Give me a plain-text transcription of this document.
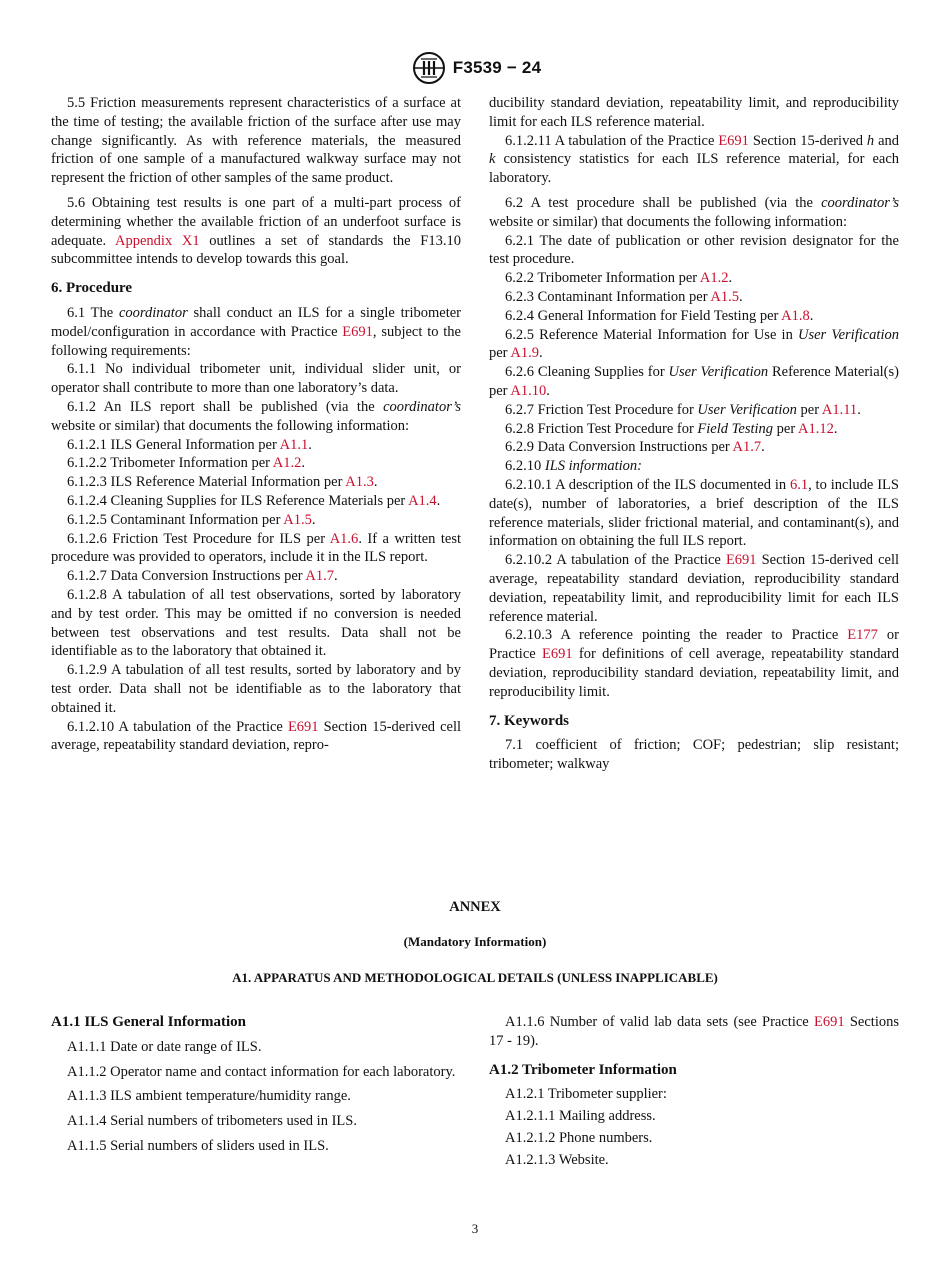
F3539 − 24

5.5 Friction measurements represent characteristics of a surface at the time of testing; the available friction of the surface after use may change significantly. As with reference materials, the measured friction of one sample of a manufactured walkway surface may not represent the friction of other samples of the same product.

5.6 Obtaining test results is one part of a multi-part process of determining whether the available friction of an underfoot surface is adequate. Appendix X1 outlines a set of standards the F13.10 subcommittee intends to develop towards this goal.

6. Procedure

6.1 The coordinator shall conduct an ILS for a single tribometer model/configuration in accordance with Practice E691, subject to the following requirements:

6.1.1 No individual tribometer unit, individual slider unit, or operator shall contribute to more than one laboratory’s data.

6.1.2 An ILS report shall be published (via the coordinator’s website or similar) that documents the following information:

6.1.2.1 ILS General Information per A1.1.

6.1.2.2 Tribometer Information per A1.2.

6.1.2.3 ILS Reference Material Information per A1.3.

6.1.2.4 Cleaning Supplies for ILS Reference Materials per A1.4.

6.1.2.5 Contaminant Information per A1.5.

6.1.2.6 Friction Test Procedure for ILS per A1.6. If a written test procedure was provided to operators, include it in the ILS report.

6.1.2.7 Data Conversion Instructions per A1.7.

6.1.2.8 A tabulation of all test observations, sorted by laboratory and by test order. This may be omitted if no conversion is needed between test observations and test results. Data shall not be identifiable as to the laboratory that obtained it.

6.1.2.9 A tabulation of all test results, sorted by laboratory and by test order. Data shall not be identifiable as to the laboratory that obtained it.

6.1.2.10 A tabulation of the Practice E691 Section 15-derived cell average, repeatability standard deviation, repro-

ducibility standard deviation, repeatability limit, and reproducibility limit for each ILS reference material.

6.1.2.11 A tabulation of the Practice E691 Section 15-derived h and k consistency statistics for each ILS reference material, for each laboratory.

6.2 A test procedure shall be published (via the coordinator’s website or similar) that documents the following information:

6.2.1 The date of publication or other revision designator for the test procedure.

6.2.2 Tribometer Information per A1.2.

6.2.3 Contaminant Information per A1.5.

6.2.4 General Information for Field Testing per A1.8.

6.2.5 Reference Material Information for Use in User Verification per A1.9.

6.2.6 Cleaning Supplies for User Verification Reference Material(s) per A1.10.

6.2.7 Friction Test Procedure for User Verification per A1.11.

6.2.8 Friction Test Procedure for Field Testing per A1.12.

6.2.9 Data Conversion Instructions per A1.7.

6.2.10 ILS information:

6.2.10.1 A description of the ILS documented in 6.1, to include ILS date(s), number of laboratories, a brief description of the ILS reference materials, slider frictional material, and contaminant(s), and information on obtaining the full ILS report.

6.2.10.2 A tabulation of the Practice E691 Section 15-derived cell average, repeatability standard deviation, reproducibility standard deviation, repeatability limit, and reproducibility limit for each ILS reference material.

6.2.10.3 A reference pointing the reader to Practice E177 or Practice E691 for definitions of cell average, repeatability standard deviation, reproducibility standard deviation, repeatability limit, and reproducibility limit.

7. Keywords

7.1 coefficient of friction; COF; pedestrian; slip resistant; tribometer; walkway

ANNEX
(Mandatory Information)
A1. APPARATUS AND METHODOLOGICAL DETAILS (UNLESS INAPPLICABLE)
A1.1 ILS General Information

A1.1.1 Date or date range of ILS.

A1.1.2 Operator name and contact information for each laboratory.

A1.1.3 ILS ambient temperature/humidity range.

A1.1.4 Serial numbers of tribometers used in ILS.

A1.1.5 Serial numbers of sliders used in ILS.

A1.1.6 Number of valid lab data sets (see Practice E691 Sections 17 - 19).

A1.2 Tribometer Information

A1.2.1 Tribometer supplier:

A1.2.1.1 Mailing address.

A1.2.1.2 Phone numbers.

A1.2.1.3 Website.

3
